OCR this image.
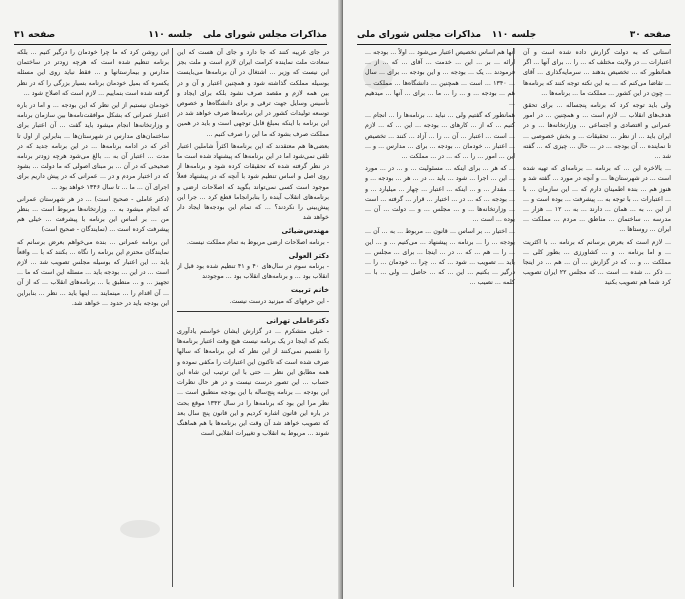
مذاکرات مجلس شورای ملی
جلسه ۱۱۰
صفحه ۳۱

در جای غریبه کنند که جا دارد و جای آن هست که این سعادت ملت نماینده کرامت ایران لازم است و ملت بجز این نیست که وزیر ... اشتغال در آن برنامه‌ها می‌بایست بوسیله مملکت گذاشته شود و همچنین اعتبار و آن و در بین همه لازم و مقصد صرف نشود بلکه برای ایجاد و تأسیس وسایل جهت ترقی و برای دانشگاه‌ها و خصوص توسعه تولیدات کشور در این برنامه‌ها صرف خواهد شد در این برنامه با اینکه بمبلغ قابل توجهی است و باید در همین مملکت صرف بشود که ما این را صرف کنیم ...

بعضی‌ها هم معتقدند که این برنامه‌ها اکثراً شاملین اعتبار تلقی نمی‌شود اما در این برنامه‌ها که پیشنهاد شده است ما در نظر گرفته شده که تحقیقات کرده شود و برنامه‌ها از روی اصل و اساس تنظیم شود با آنچه که در پیشنهاد فعلاً موجود است کسی نمی‌تواند بگوید که اصلاحات ارضی و برنامه‌های انقلاب آینده را بنابرانجاما قطع کرد ... جرا این پیش‌بینی را نکردند؟ ... که تمام این بودجه‌ها ایجاد دار خواهد شد

مهندس‌ضیائی

- برنامه اصلاحات ارضی مربوط به تمام مملکت نیست.

دکتر العولی

- برنامه سوم در سال‌های ۴۰ و ۴۱ تنظیم شده بود قبل از انقلاب بود ... و برنامه‌های انقلاب بود ... موجودند

خانم تربیت

- این حرفهای که میزنید درست نیست.

دکترعاملی تهرانی

- خیلی متشکرم ... در گزارش ایشان خواستم یادآوری بکنم که اینجا در یک برنامه نیست هیچ وقت اعتبار برنامه‌ها را تقسیم نمی‌کنند از این نظر که این برنامه‌ها که سالها صرف شده است که تاکنون این اعتبارات را مکفی نموده و همه مطابق این نظر ... حتی با این ترتیب این شاه این حساب ... این تصور درست نیست و در هر حال نظرات این بودجه ... برنامه پنج‌ساله با این بودجه منطبق است ... نظر مرا این بود که برنامه‌ها را در سال ۱۳۴۲ موقع بحث در باره این قانون اشاره کردیم و این قانون پنج سال بعد که تصویب خواهد شد آن وقت این برنامه‌ها با هم هماهنگ شوند ... مربوط به انقلاب و تغییرات انقلابی است

این روشن کرد که ما چرا خودمان را درگیر کنیم ... بلکه برنامه تنظیم شده است که هرچه زودتر در ساختمان مدارس و بیمارستانها و ... فقط نباید روی این مسئله یکسره که بمیل خودمان برنامه بسیار بزرگی را که در نظر گرفته شده است بنماییم ... لازم است که اصلاح شود ...

خودمان نیستیم از این نظر که این بودجه ... و اما در باره اعتبار عمرانی که بشکل موافقت‌نامه‌ها بین سازمان برنامه و وزارتخانه‌ها انجام میشود باید گفت ... آن اعتبار برای ساختمان‌های مدارس در شهرستان‌ها ... بنابراین از اول تا آخر که در ادامه برنامه‌ها ... در این برنامه جدید که در مدت ... اعتبار آن به ... بالغ می‌شود هرچه زودتر برنامه صحیحی که در آن ... بر مبنای اصولی که ما دولت ... بشود که در اختیار مردم و در ... عمرانی که در پیش داریم برای اجرای آن ... ما ... تا سال ۱۳۴۶ خواهد بود ...

(دکتر عاملی - صحیح است) ... در هر شهرستان عمرانی که انجام میشود به ... وزارتخانه‌ها مربوط است ... بنظر من ... بر اساس این برنامه با پیشرفت ... خیلی هم پیشرفت کرده است ... (نمایندگان - صحیح است)

این برنامه عمرانی ... بنده می‌خواهم بعرض برسانم که نمایندگان محترم این برنامه را نگاه ... بکنند که با ... واقعاً باید ... این اعتبار که بوسیله مجلس تصویب شد ... لازم است ... در این ... بودجه باید ... مسئله این است که ما ... تجهیز ... و ... منطبق با ... برنامه‌های انقلاب ... که از آن ... آن اقدام را ... مینمایند ... اینها باید ... نظر ... بنابراین این بودجه باید در حدود ... خواهد شد.

صفحه ۳۰
جلسه ۱۱۰
مذاکرات مجلس شورای ملی

استانی که به دولت گزارش داده شده است و آن اعتبارات ... در ولایت مختلف که ... را ... برای آنها ... اگر همانطور که ... تخصیص بدهند ... سرمایه‌گذاری ... آقای ... تقاضا می‌کنم که ... به این نکته توجه کنند که برنامه‌ها ... چون در این کشور ... مملکت ما ... برنامه‌ها ...

ولی باید توجه کرد که برنامه پنجساله ... برای تحقق هدف‌های انقلاب ... لازم است ... و همچنین ... در امور عمرانی و اقتصادی و اجتماعی ... وزارتخانه‌ها ... و در ایران باید ... از نظر ... تحقیقات ... و بخش خصوصی ... تا نماینده ... آن بودجه ... در ... حال ... چیزی که ... گفته شد ...

... بالاخره این ... که برنامه ... برنامه‌ای که تهیه شده است ... در شهرستان‌ها ... و آنچه در مورد ... گفته شد و هنوز هم ... بنده اطمینان دارم که ... این سازمان ... با ... اعتبارات ... با توجه به ... پیشرفت ... بوده است و ... از این ... به ... همان ... دارند ... به ... ۱۲ ... هزار ... مدرسه ... ساختمان ... مناطق ... مردم ... مملکت ... ایران ... روستاها ...

... لازم است که بعرض برسانم که برنامه ... با اکثریت ... و اما برنامه ... و ... کشاورزی ... بطور کلی ... مملکت ... و ... که در گزارش ... آن ... هم ... در اینجا ... ذکر ... شده ... است ... که مجلس ۲۲ ایران تصویب کرد شما هم تصویب بکنید

آنها هم اساس تخصیص اعتبار می‌شود ... اولاً ... بودجه ... ارائه ... بر ... این ... خدمت ... آقای ... که ... از ... فرمودند ... یک ... بودجه ... و این بودجه ... برای ... سال ... ۱۳۴۰ ... است ... همچنین ... دانشگاه‌ها ... مملکت ... هم ... بودجه ... و ... را ... ما ... برای ... آنها ... میدهیم ...

همانطور که گفتیم ولی ... نباید ... برنامه‌ها را ... انجام ... کنیم ... که از ... کارهای ... بودجه ... این ... که ... لازم ... است ... اعتبار ... آن ... را ... آزاد ... کنند ... تخصیص ... اعتبار ... خودمان ... بودجه ... برای ... مدارس ... و ... این ... امور ... را ... که ... در ... مملکت ...

... که هر ... برای اینکه ... مسئولیت ... و ... در ... مورد ... این ... اجرا ... شود ... باید ... در ... هر ... بودجه ... و ... مقدار ... و ... اینکه ... اعتبار ... چهار ... میلیارد ... و ... بودجه ... که ... در ... اختیار ... قرار ... گرفته ... است ... وزارتخانه‌ها ... و ... مجلس ... و ... دولت ... آن ... بوده ... است ...

... اختیار ... بر اساس ... قانون ... مربوط ... به ... آن ... بودجه ... را ... برنامه ... پیشنهاد ... می‌کنیم ... و ... این ... را ... هم ... که ... در ... اینجا ... برای ... مجلس ... باید ... تصویب ... شود ... که ... چرا ... خودمان ... را ... درگیر ... بکنیم ... این ... که ... حاصل ... ولی ... با ... کلمه ... نصیب ...
